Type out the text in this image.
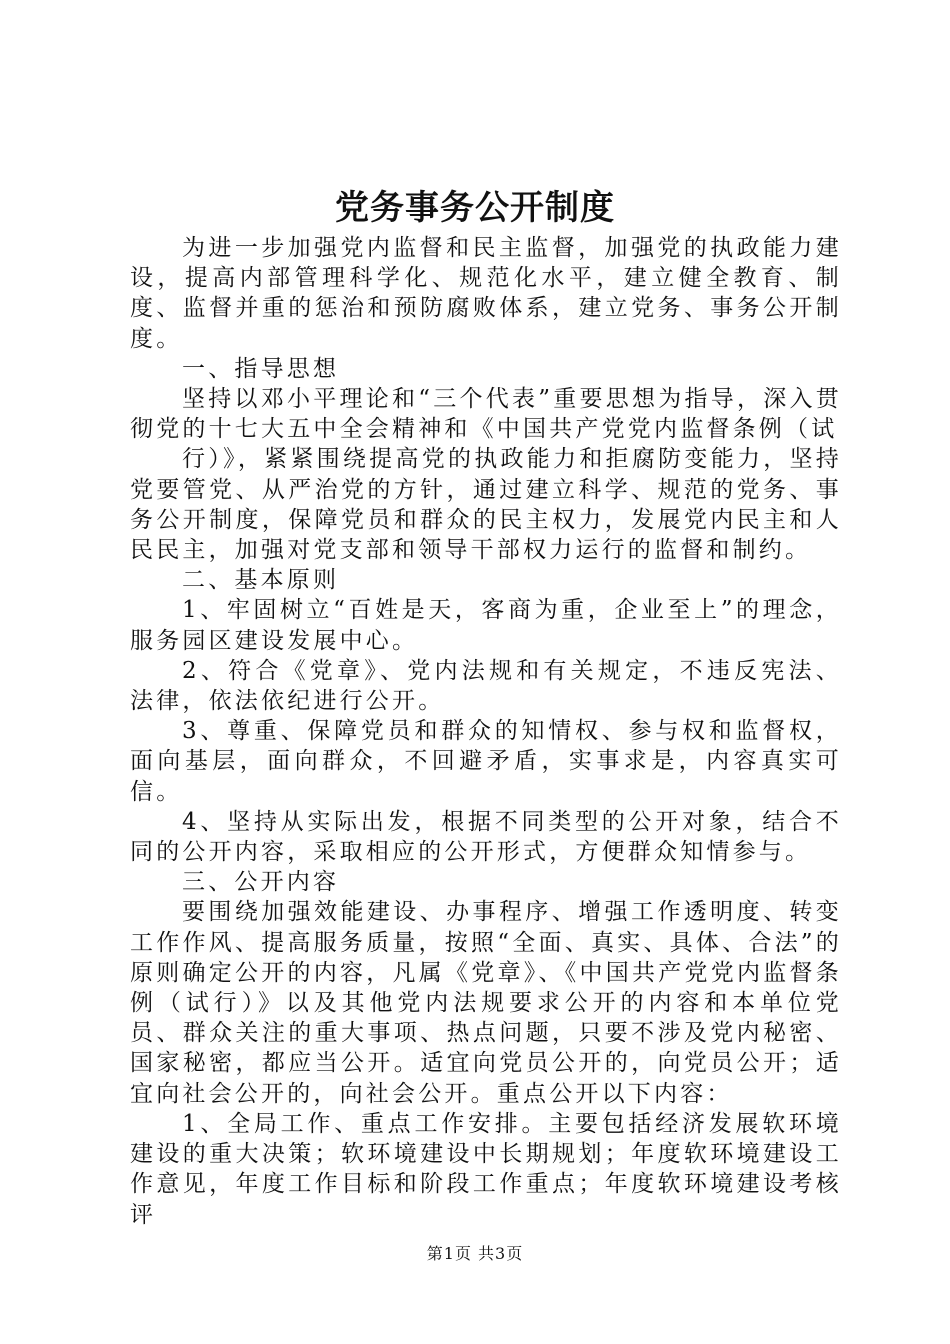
党务事务公开制度

为进一步加强党内监督和民主监督，加强党的执政能力建设，提高内部管理科学化、规范化水平，建立健全教育、制度、监督并重的惩治和预防腐败体系，建立党务、事务公开制度。

一、指导思想

坚持以邓小平理论和“三个代表”重要思想为指导，深入贯彻党的十七大五中全会精神和《中国共产党党内监督条例（试

行）》，紧紧围绕提高党的执政能力和拒腐防变能力，坚持党要管党、从严治党的方针，通过建立科学、规范的党务、事务公开制度，保障党员和群众的民主权力，发展党内民主和人民民主，加强对党支部和领导干部权力运行的监督和制约。

二、基本原则

1、牢固树立“百姓是天，客商为重，企业至上”的理念，服务园区建设发展中心。

2、符合《党章》、党内法规和有关规定，不违反宪法、法律，依法依纪进行公开。

3、尊重、保障党员和群众的知情权、参与权和监督权，面向基层，面向群众，不回避矛盾，实事求是，内容真实可信。

4、坚持从实际出发，根据不同类型的公开对象，结合不同的公开内容，采取相应的公开形式，方便群众知情参与。

三、公开内容

要围绕加强效能建设、办事程序、增强工作透明度、转变工作作风、提高服务质量，按照“全面、真实、具体、合法”的原则确定公开的内容，凡属《党章》、《中国共产党党内监督条例（试行）》以及其他党内法规要求公开的内容和本单位党员、群众关注的重大事项、热点问题，只要不涉及党内秘密、国家秘密，都应当公开。适宜向党员公开的，向党员公开；适宜向社会公开的，向社会公开。重点公开以下内容：

1、全局工作、重点工作安排。主要包括经济发展软环境建设的重大决策；软环境建设中长期规划；年度软环境建设工作意见，年度工作目标和阶段工作重点；年度软环境建设考核评

第1页 共3页
